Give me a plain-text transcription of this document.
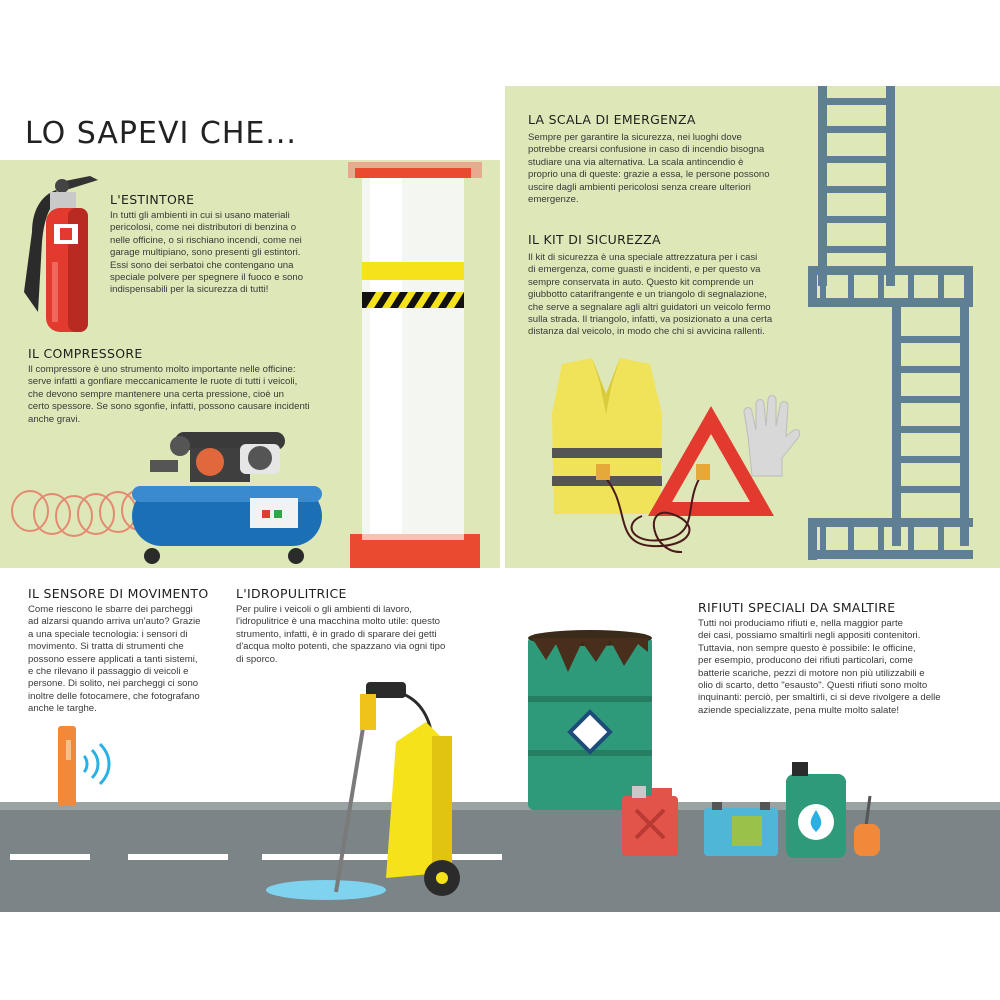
LO SAPEVI CHE...
L'ESTINTORE
In tutti gli ambienti in cui si usano materiali
pericolosi, come nei distributori di benzina o
nelle officine, o si rischiano incendi, come nei
garage multipiano, sono presenti gli estintori.
Essi sono dei serbatoi che contengano una
speciale polvere per spegnere il fuoco e sono
indispensabili per la sicurezza di tutti!
IL COMPRESSORE
Il compressore è uno strumento molto importante nelle officine:
serve infatti a gonfiare meccanicamente le ruote di tutti i veicoli,
che devono sempre mantenere una certa pressione, cioè un
certo spessore. Se sono sgonfie, infatti, possono causare incidenti
anche gravi.
LA SCALA DI EMERGENZA
Sempre per garantire la sicurezza, nei luoghi dove
potrebbe crearsi confusione in caso di incendio bisogna
studiare una via alternativa. La scala antincendio è
proprio una di queste: grazie a essa, le persone possono
uscire dagli ambienti pericolosi senza creare ulteriori
emergenze.
IL KIT DI SICUREZZA
Il kit di sicurezza è una speciale attrezzatura per i casi
di emergenza, come guasti e incidenti, e per questo va
sempre conservata in auto. Questo kit comprende un
giubbotto catarifrangente e un triangolo di segnalazione,
che serve a segnalare agli altri guidatori un veicolo fermo
sulla strada. Il triangolo, infatti, va posizionato a una certa
distanza dal veicolo, in modo che chi si avvicina rallenti.
IL SENSORE DI MOVIMENTO
Come riescono le sbarre dei parcheggi
ad alzarsi quando arriva un'auto? Grazie
a una speciale tecnologia: i sensori di
movimento. Si tratta di strumenti che
possono essere applicati a tanti sistemi,
e che rilevano il passaggio di veicoli e
persone. Di solito, nei parcheggi ci sono
inoltre delle fotocamere, che fotografano
anche le targhe.
L'IDROPULITRICE
Per pulire i veicoli o gli ambienti di lavoro,
l'idropulitrice è una macchina molto utile: questo
strumento, infatti, è in grado di sparare dei getti
d'acqua molto potenti, che spazzano via ogni tipo
di sporco.
RIFIUTI SPECIALI DA SMALTIRE
Tutti noi produciamo rifiuti e, nella maggior parte
dei casi, possiamo smaltirli negli appositi contenitori.
Tuttavia, non sempre questo è possibile: le officine,
per esempio, producono dei rifiuti particolari, come
batterie scariche, pezzi di motore non più utilizzabili e
olio di scarto, detto "esausto". Questi rifiuti sono molto
inquinanti: perciò, per smaltirli, ci si deve rivolgere a delle
aziende specializzate, pena multe molto salate!
